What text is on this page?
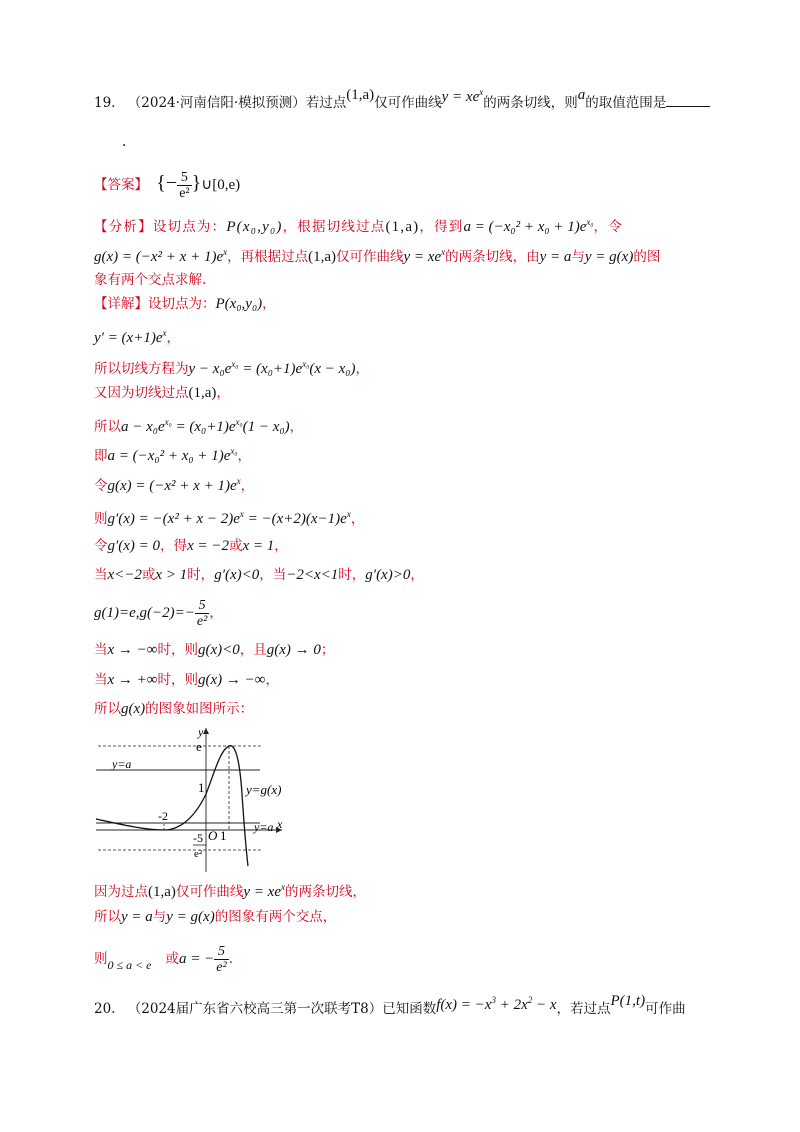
19. （2024·河南信阳·模拟预测）若过点(1,a)仅可作曲线$y = xe^x$的两条切线，则a的取值范围是
.
【答案】 {− $\frac{5}{\text{e²}}$ }∪[0,e)
【分析】设切点为：P(x₀,y₀)，根据切线过点(1,a)，得到$a = (-x_0^2 + x_0 + 1)e^{x_0}$，令
$g(x) = (-x^2 + x + 1)e^x$，再根据过点(1,a)仅可作曲线$y = xe^x$的两条切线，由y = a与y = g(x)的图
象有两个交点求解.
【详解】设切点为：P(x₀,y₀)，
$y' = (x+1)e^x$，
所以切线方程为$y - x_0e^{x_0} = (x_0+1)e^{x_0}(x - x_0)$，
又因为切线过点(1,a)，
所以$a - x_0e^{x_0} = (x_0+1)e^{x_0}(1 - x_0)$，
即$a = (-x_0^2 + x_0 + 1)e^{x_0}$，
令$g(x) = (-x^2 + x + 1)e^x$，
则$g'(x) = -(x^2 + x - 2)e^x = -(x+2)(x-1)e^x$，
令g′(x) = 0，得x = −2或x = 1，
当x<−2或x > 1时，g′(x)<0，当−2<x<1时，g′(x)>0，
$g(1)=e,g(-2)=- \frac{5}{\text{e²}}$ ，
当x → −∞时，则g(x)<0，且g(x) → 0；
当x → +∞时，则g(x) → −∞，
所以g(x)的图象如图所示：
y
x
e
1
O 1
-2
-5
e²
y=a
y=a
y=g(x)
因为过点(1,a)仅可作曲线$y = xe^x$的两条切线，
所以y = a与y = g(x)的图象有两个交点，
则0 ≤ a < e 或a = − $\frac{5}{\text{e²}}$ .
20. （2024届广东省六校高三第一次联考T8）已知函数$f(x) = -x^3 + 2x^2 - x$，若过点P(1,t)可作曲
